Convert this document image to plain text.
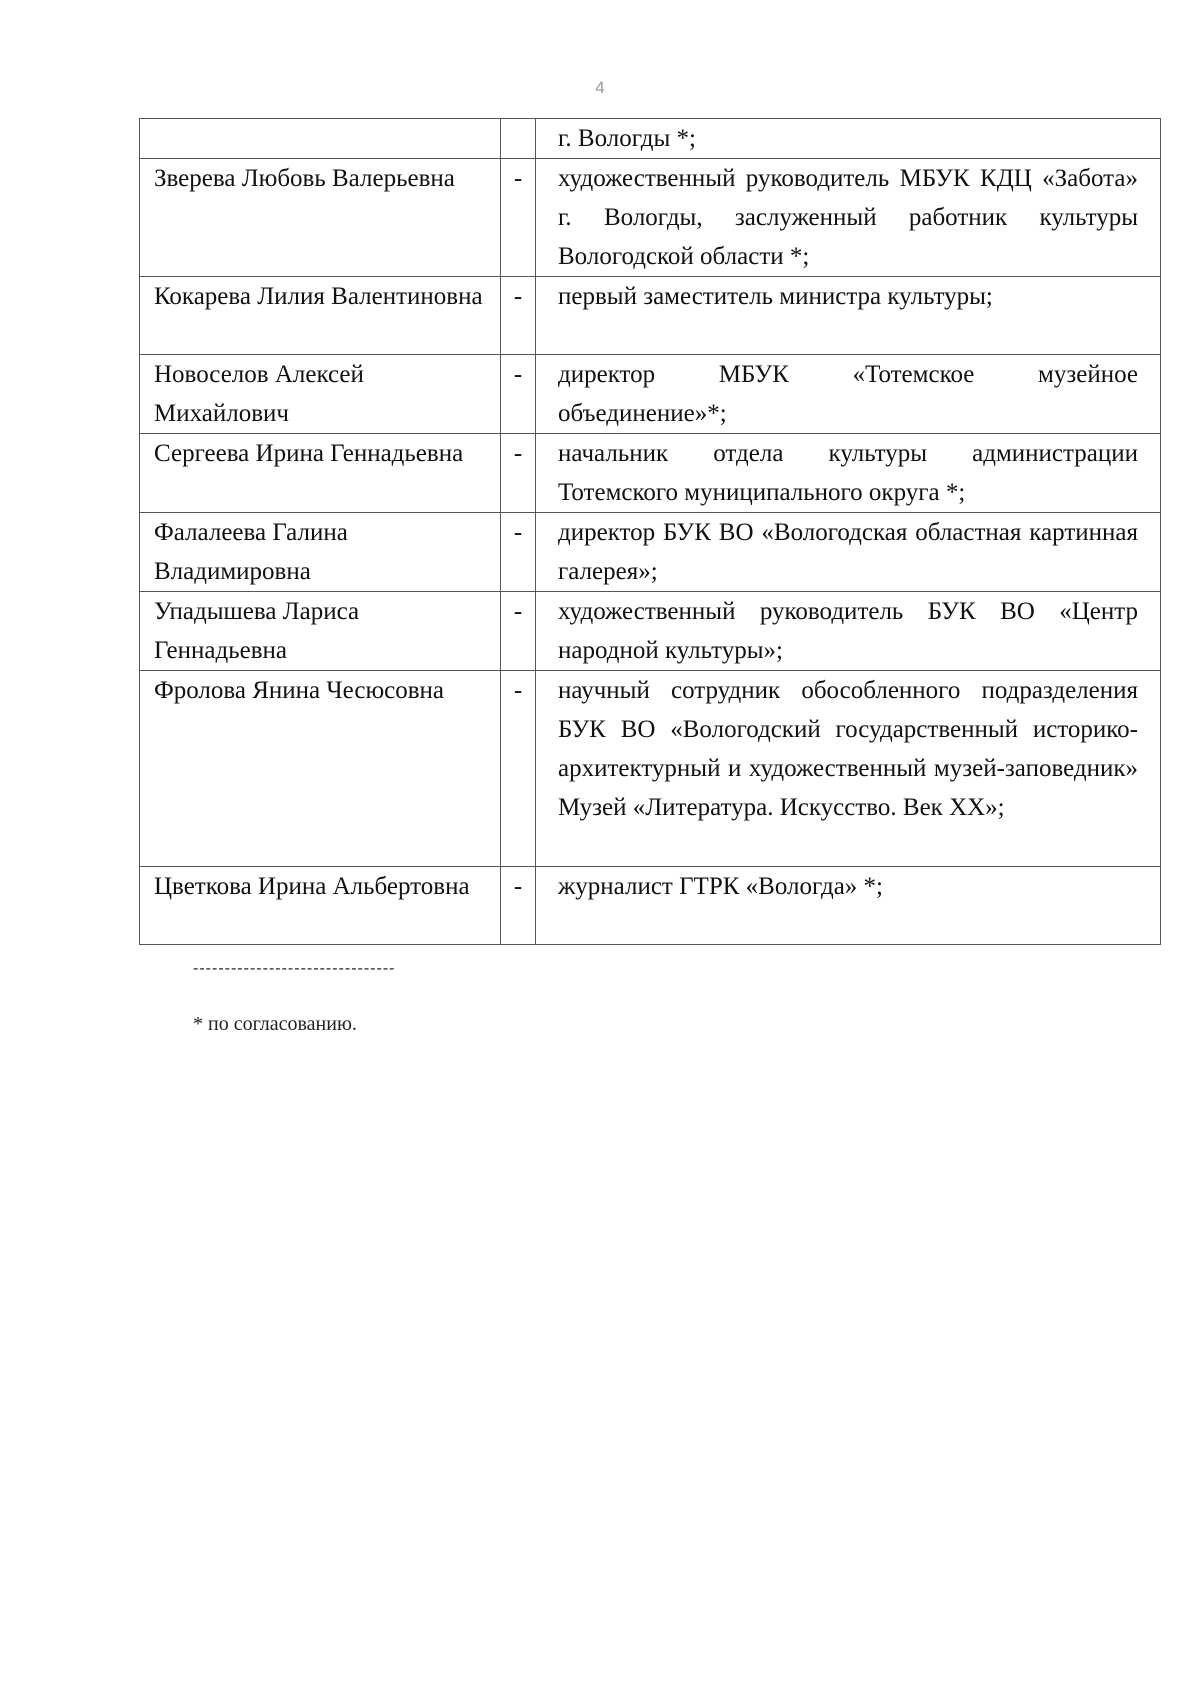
4
		г. Вологды *;
Зверева Любовь Валерьевна	-	художественный руководитель МБУК КДЦ «Забота» г. Вологды, заслуженный работник культуры Вологодской области *;
Кокарева Лилия Валентиновна	-	первый заместитель министра культуры;
Новоселов Алексей Михайлович	-	директор МБУК «Тотемское музейное объединение»*;
Сергеева Ирина Геннадьевна	-	начальник отдела культуры администрации Тотемского муниципального округа *;
Фалалеева Галина Владимировна	-	директор БУК ВО «Вологодская областная картинная галерея»;
Упадышева Лариса Геннадьевна	-	художественный руководитель БУК ВО «Центр народной культуры»;
Фролова Янина Чесюсовна	-	научный сотрудник обособленного подразделения БУК ВО «Вологодский государственный историко-архитектурный и художественный музей-заповедник» Музей «Литература. Искусство. Век XX»;
Цветкова Ирина Альбертовна	-	журналист ГТРК «Вологда» *;
--------------------------------
* по согласованию.
